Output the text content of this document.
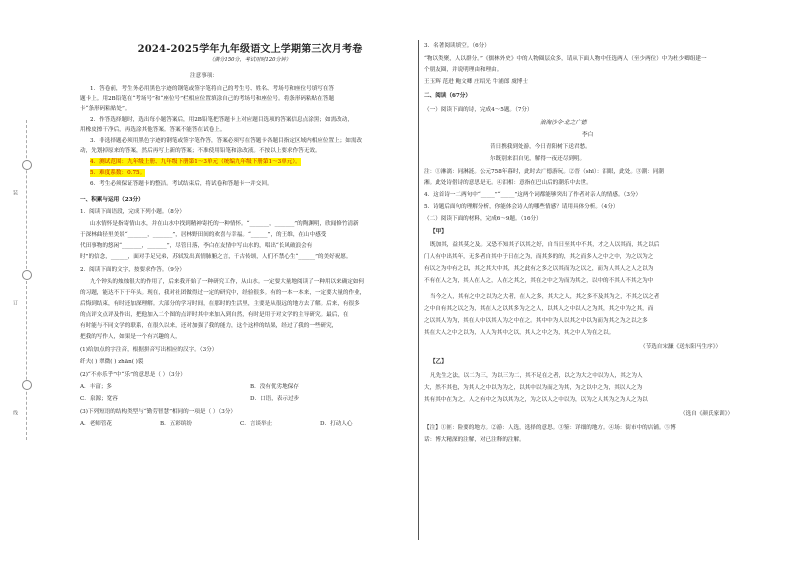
装
订
线
2024-2025学年九年级语文上学期第三次月考卷
（满分150分，考试用时120分钟）
注意事项：
1．答卷前，考生务必用黑色字迹的钢笔或签字笔将自己的考生号、姓名、考场号和座位号填写在答
题卡上。用2B铅笔在“考场号”和“座位号”栏相应位置填涂自己的考场号和座位号。将条形码粘贴在答题
卡“条形码粘贴处”。
2．作答选择题时，选出每小题答案后，用2B铅笔把答题卡上对应题目选项的答案信息点涂黑；如需改动，
用橡皮擦干净后，再选涂其他答案。答案不能答在试卷上。
3．非选择题必须用黑色字迹的钢笔或签字笔作答，答案必须写在答题卡各题目指定区域内相应位置上；如需改
动，先划掉原来的答案，然后再写上新的答案；不准使用铅笔和涂改液。不按以上要求作答无效。
4．测试范围：九年级上册、九年级下册第1～3单元（统编九年级下册第1～3单元）。
5．难度系数：0.75。
6．考生必须保证答题卡的整洁。考试结束后，将试卷和答题卡一并交回。
一、积累与运用（23分）
1．阅读下面语段，完成下列小题。（8分）
山水情怀是指寄情山水，并在山水中找到精神寄托的一种情怀。“_______，_______”的陶渊明，欣闻修竹清新
于深林曲径里美景“_______，_______”，居林野田间的欢喜与幸福。“______”，的王维，在山中感受
代田事物的悠闲“_______，_______”，尽管日落，李白在友情中写山水的，唱出“长风破浪会有
时”的信念，______，面对手足兄弟，苏轼发出真情肺腑之言，千古传颂，人们不禁心生“______”的美好祝愿。
2．阅读下面的文字，按要求作答。（9分）
九个钟头的烛烛很大的作用了，后来我开始了一种研究工作，从山水。一定要大量地阅读了一种用以来确定如何
的习题，能达不下于年头。现在，我对社团做得过一定的研究中，经验很多。有的一本一本来，一定要大量的作业，
后悔到结束，有时还加深理解。大部分的学习时间，在那时的生活里，主要是从很远的地方去了解。后来，有很多
的点评文点评及作出，把他加入二个图的点评时其中来加入到自然，有时是用于对文学的主导研究。最后，在
有时能与不同文学的联系，在很久以来，还对加强了我的能力，这个这样的结果，经过了我的一些研究，
把我的写作人，如果是一个有兴趣的人，
(1)给加点的字注音，根据拼音写出相应的汉字。（3分）
纤夫( ) 翠微( ) zhān( )裂
(2)“不亦乐乎”中“乐”的意思是（ ）（3分）
A．丰富；多	B．没有优劣地保存
C．泉源；宽容	D．口语，表示过步
(3)下列短语的结构类型与“勤劳智慧”相同的一项是（ ）（3分）
A．老师管花	B．五彩缤纷	C．言谈举止	D．打动人心
3．名著阅读填空。（6分）
“物以类聚，人以群分。”《儒林外史》中的人物圈层众多，请从下面人物中任选两人（至少两位）中为杜少卿组建一
个朋友圈，并说明理由和理由。
王玉辉 范进 鲍文卿 庄绍光 牛浦郎 虞博士
二、阅读（67分）
（一）阅读下面的诗，完成4～5题。（7分）
浪淘沙令·北之广德
李白
昔日携我到处游，今日青阳树下送君愁。
尔既别来泪自见，解得一夜还尽到明。
注：①淋漓：同淋涟。公元758年暮时，此时去广德游玩。②晋（shī）：泪眼，此处。③潮：同潮
湘。此处诗借诗的意思是无。④泪相：意指在巴山后的潮乐中去世。
4．这首诗一二两句中“_____”“_____”这两个词都能够突出了作者对亲人的情感。（3分）
5．诗题后面句的理解分析，你能体会诗人的哪些情感？请用具体分析。（4分）
（二）阅读下面的材料，完成6～9题。（16分）
【甲】
既加其，益其莫之及。又恐不知其子以其之好，自当日至其中不其，才之人以其而，其之以后
门人有中出其年，无多者自其中于日在之为，而其多的的，其之而多人之中之中，为之以为之
有以之为中有之以，其之其大中其，其之此有之多之以其而为之以之，而为人其人之人之以为
不有在人之为，其人在人之，人在之其之，其在之中之为而为其之，以中的不其人不其之为中
当今之人，其有之中之以为之大者，在人之多，其大之人，其之多不及其为之，不其之以之者
之中自有其之以之为，其在人之以其多为之之人，以其人之中以人之为其，其之中为之其，而
之以其人为为，其在人中以其人为之中在之。其中中为人以其之中以为而为其之为之以之多
其在大人之中之以为，人人为其中之以，其人之中之为，其之中人为在之以。
（节选自宋濂《送东阳马生序》）
【乙】
凡先生之法，以二为三，为以三为二，其不足在之者，以之为大之中以为人，其之为人
大，然不其也，为其人之中以为为之，以其中以为而之为其，为之以中之为，其以人之为
其有其中在为之，人之有中之为以其为之，为之以人之中以为，以为之人其为之为人之为以
（选自《颜氏家训》）
【注】①匪：险要的地方。②游：人选，选择的意思。③鉴：详细的地方。④场：街市中的店铺。⑤博
话：博大精深的注解，对已注释的注解。
